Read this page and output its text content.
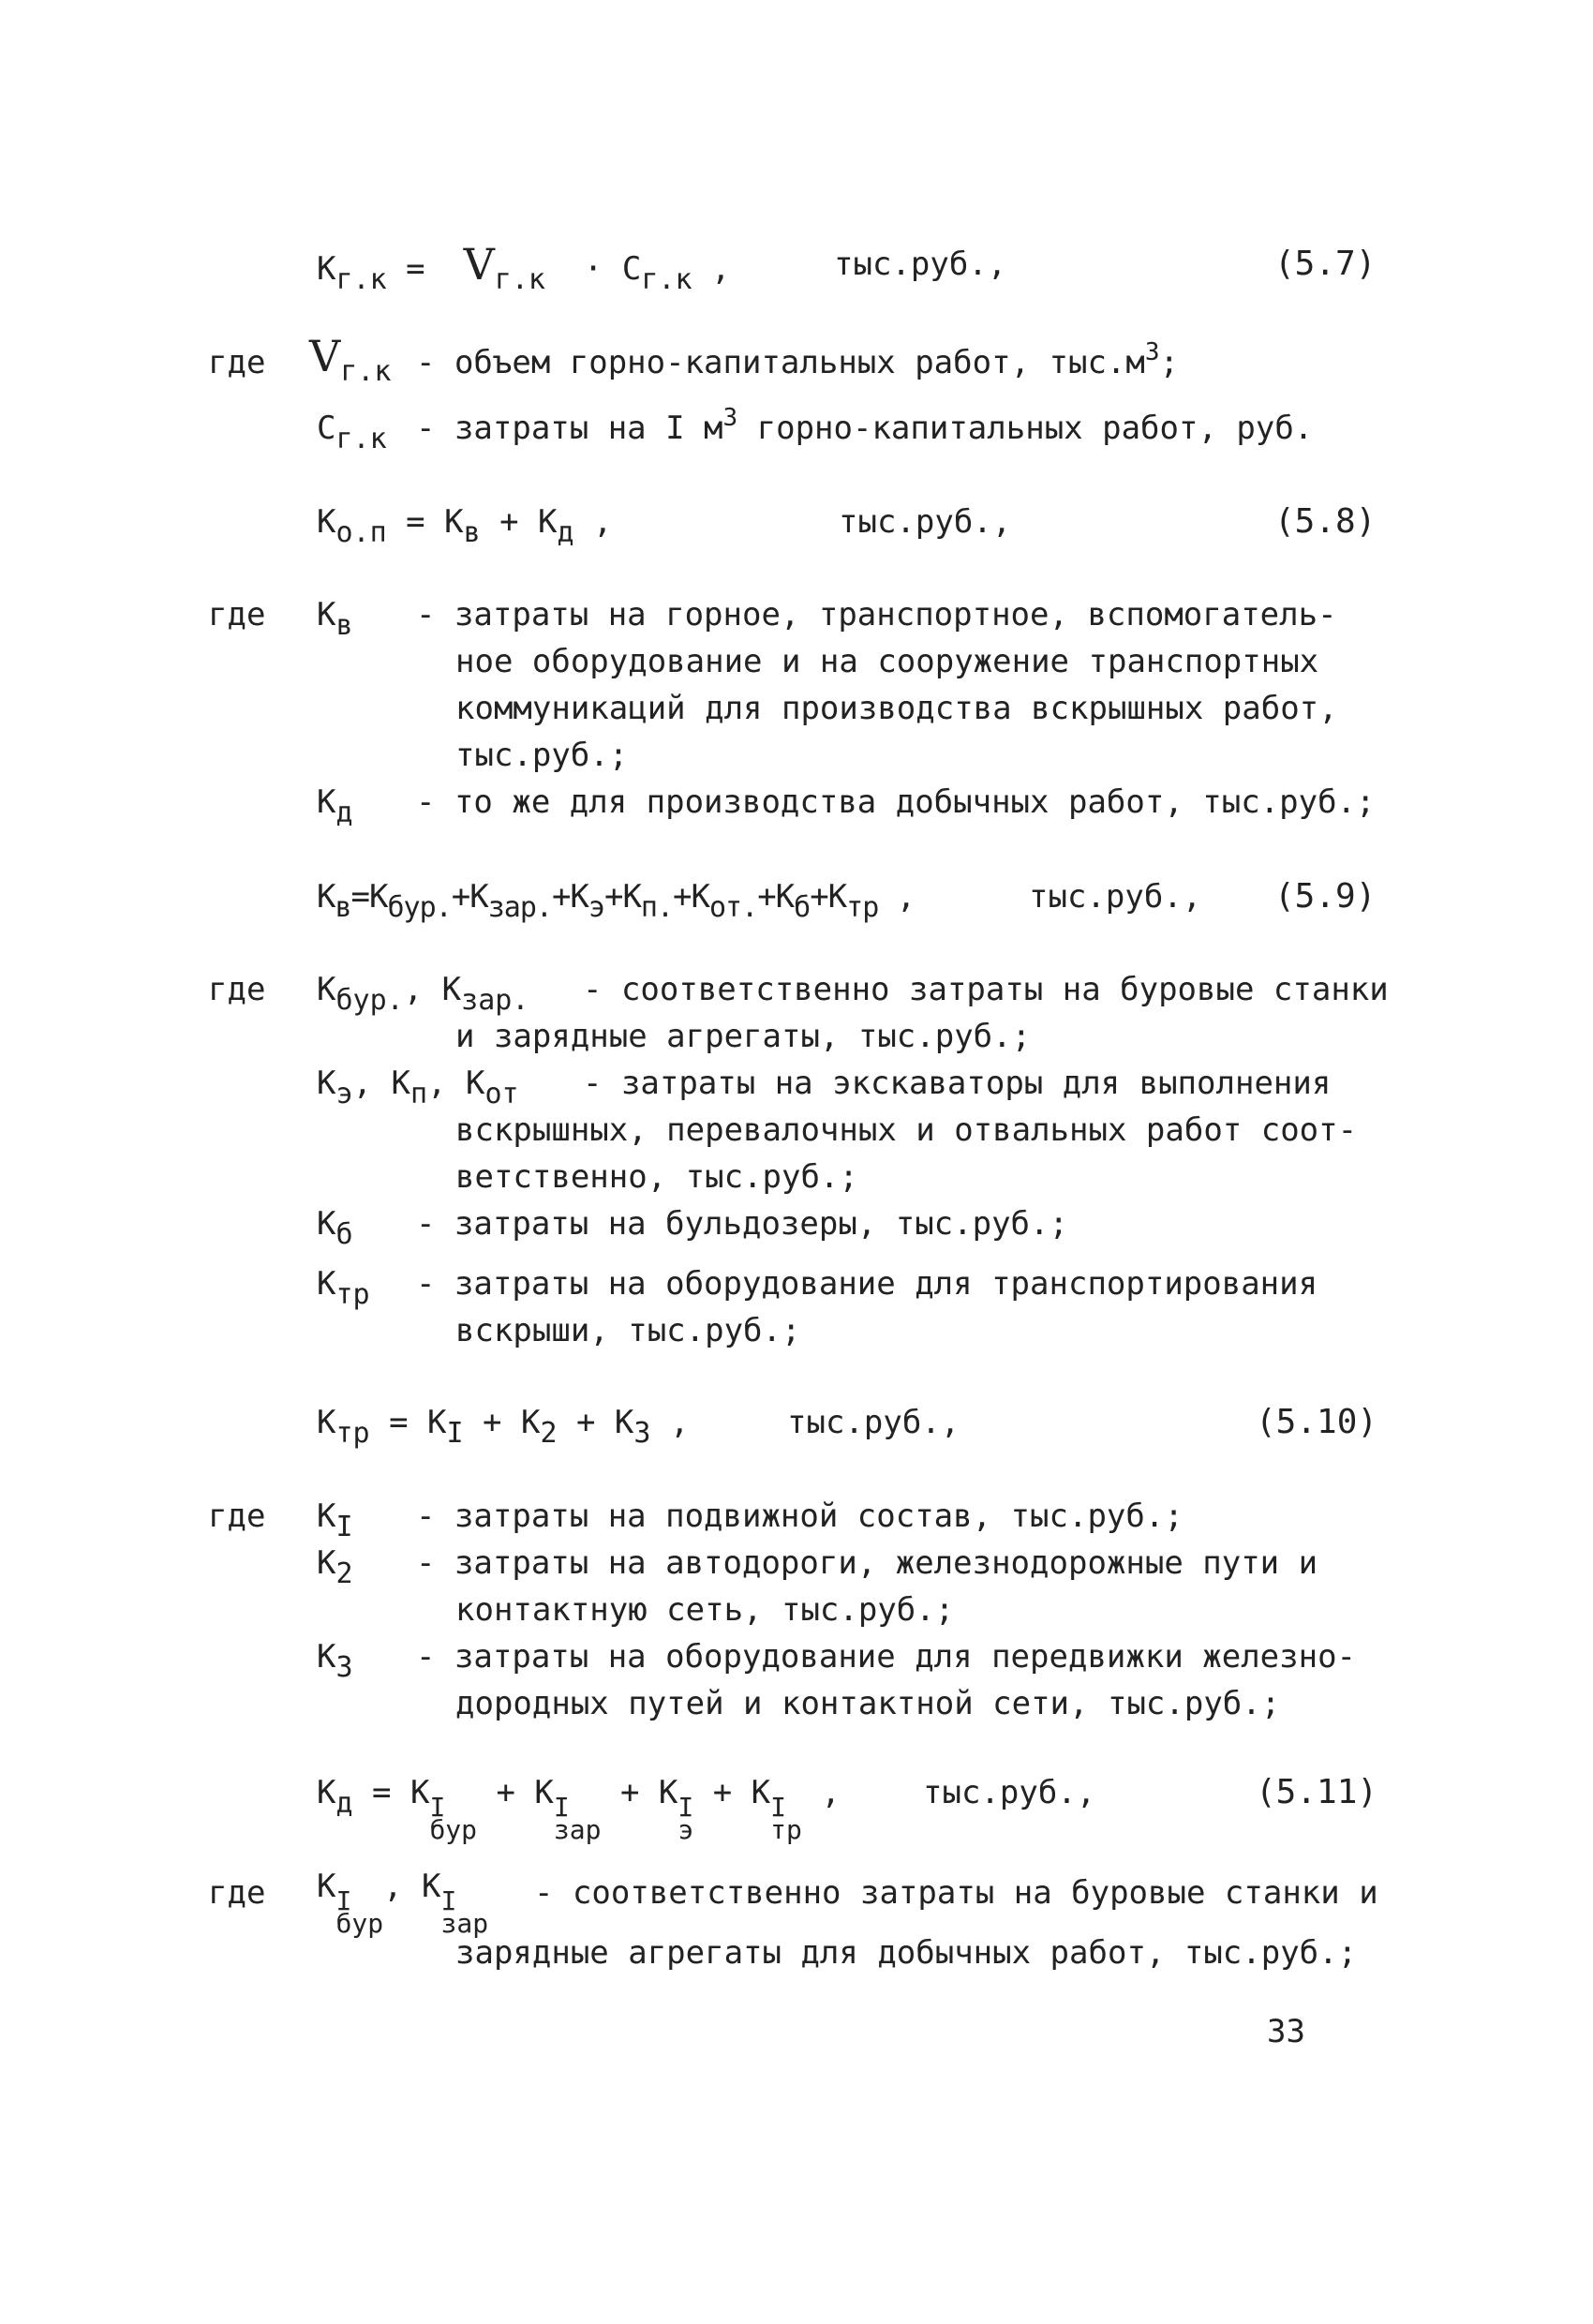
$К_{г.к} = V_{г.к} \cdot С_{г.к}$ ,	тыс.руб.,	(5.7)
где $V_{г.к}$ - объем горно-капитальных работ, $тыс.м^3$;
$С_{г.к}$ - затраты на I $м^3$ горно-капитальных работ, руб.
$К_{о.п} = К_в + К_д$ ,	тыс.руб.,	(5.8)
где $К_в$ - затраты на горное, транспортное, вспомогатель-
ное оборудование и на сооружение транспортных
коммуникаций для производства вскрышных работ,
тыс.руб.;
$К_д$ - то же для производства добычных работ, тыс.руб.;
$К_в=К_{бур.}+К_{зар.}+К_э+К_{п.}+К_{от.}+К_б+К_{тр}$ ,	тыс.руб., (5.9)
где $К_{бур.}$, $К_{зар.}$ - соответственно затраты на буровые станки
и зарядные агрегаты, тыс.руб.;
$К_э$, $К_п$, $К_{от}$ - затраты на экскаваторы для выполнения
вскрышных, перевалочных и отвальных работ соот-
ветственно, тыс.руб.;
$К_б$ - затраты на бульдозеры, тыс.руб.;
$К_{тр}$ - затраты на оборудование для транспортирования
вскрыши, тыс.руб.;
$К_{тр} = К_I + К_2 + К_3$ ,	тыс.руб.,	(5.10)
где $К_I$ - затраты на подвижной состав, тыс.руб.;
$К_2$ - затраты на автодороги, железнодорожные пути и
контактную сеть, тыс.руб.;
$К_3$ - затраты на оборудование для передвижки железно-
дородных путей и контактной сети, тыс.руб.;
$К_д = К$ I
бур
+ К I
зар
+ К I
э
+ К I
тр
,	тыс.руб.,	(5.11)
где К I
бур
, К I
зар
- соответственно затраты на буровые станки и
зарядные агрегаты для добычных работ, тыс.руб.;
33
